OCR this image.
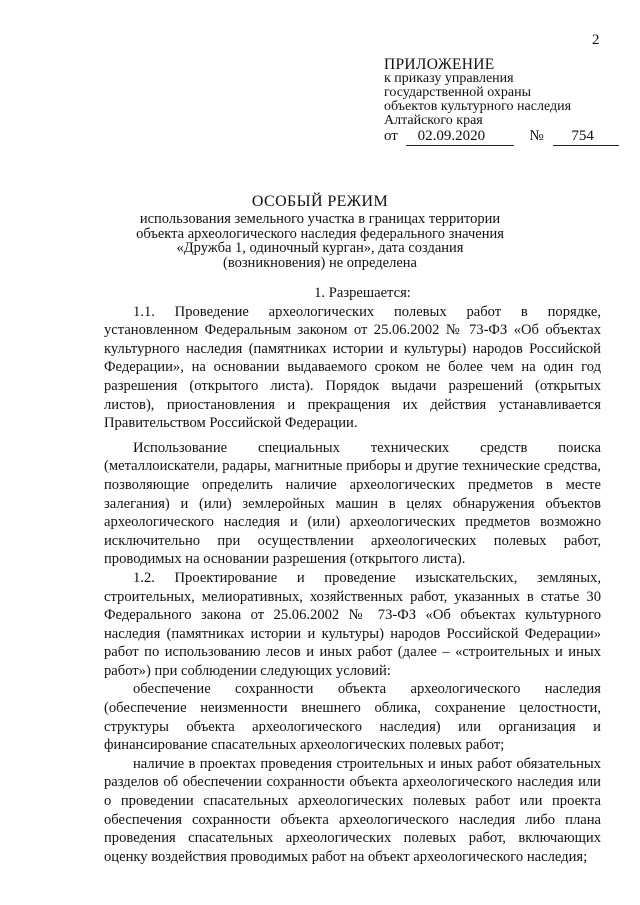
2
ПРИЛОЖЕНИЕ
к приказу управления
государственной охраны
объектов культурного наследия
Алтайского края
от 02.09.2020	№ 754
ОСОБЫЙ РЕЖИМ
использования земельного участка в границах территории
объекта археологического наследия федерального значения
«Дружба 1, одиночный курган», дата создания
(возникновения) не определена

1. Разрешается:

1.1. Проведение археологических полевых работ в порядке, установленном Федеральным законом от 25.06.2002 № 73-ФЗ «Об объектах культурного наследия (памятниках истории и культуры) народов Российской Федерации», на основании выдаваемого сроком не более чем на один год разрешения (открытого листа). Порядок выдачи разрешений (открытых листов), приостановления и прекращения их действия устанавливается Правительством Российской Федерации.

Использование специальных технических средств поиска (металлоискатели, радары, магнитные приборы и другие технические средства, позволяющие определить наличие археологических предметов в месте залегания) и (или) землеройных машин в целях обнаружения объектов археологического наследия и (или) археологических предметов возможно исключительно при осуществлении археологических полевых работ, проводимых на основании разрешения (открытого листа).

1.2. Проектирование и проведение изыскательских, земляных, строительных, мелиоративных, хозяйственных работ, указанных в статье 30 Федерального закона от 25.06.2002 № 73-ФЗ «Об объектах культурного наследия (памятниках истории и культуры) народов Российской Федерации» работ по использованию лесов и иных работ (далее – «строительных и иных работ») при соблюдении следующих условий:

обеспечение сохранности объекта археологического наследия (обеспечение неизменности внешнего облика, сохранение целостности, структуры объекта археологического наследия) или организация и финансирование спасательных археологических полевых работ;

наличие в проектах проведения строительных и иных работ обязательных разделов об обеспечении сохранности объекта археологического наследия или о проведении спасательных археологических полевых работ или проекта обеспечения сохранности объекта археологического наследия либо плана проведения спасательных археологических полевых работ, включающих оценку воздействия проводимых работ на объект археологического наследия;
